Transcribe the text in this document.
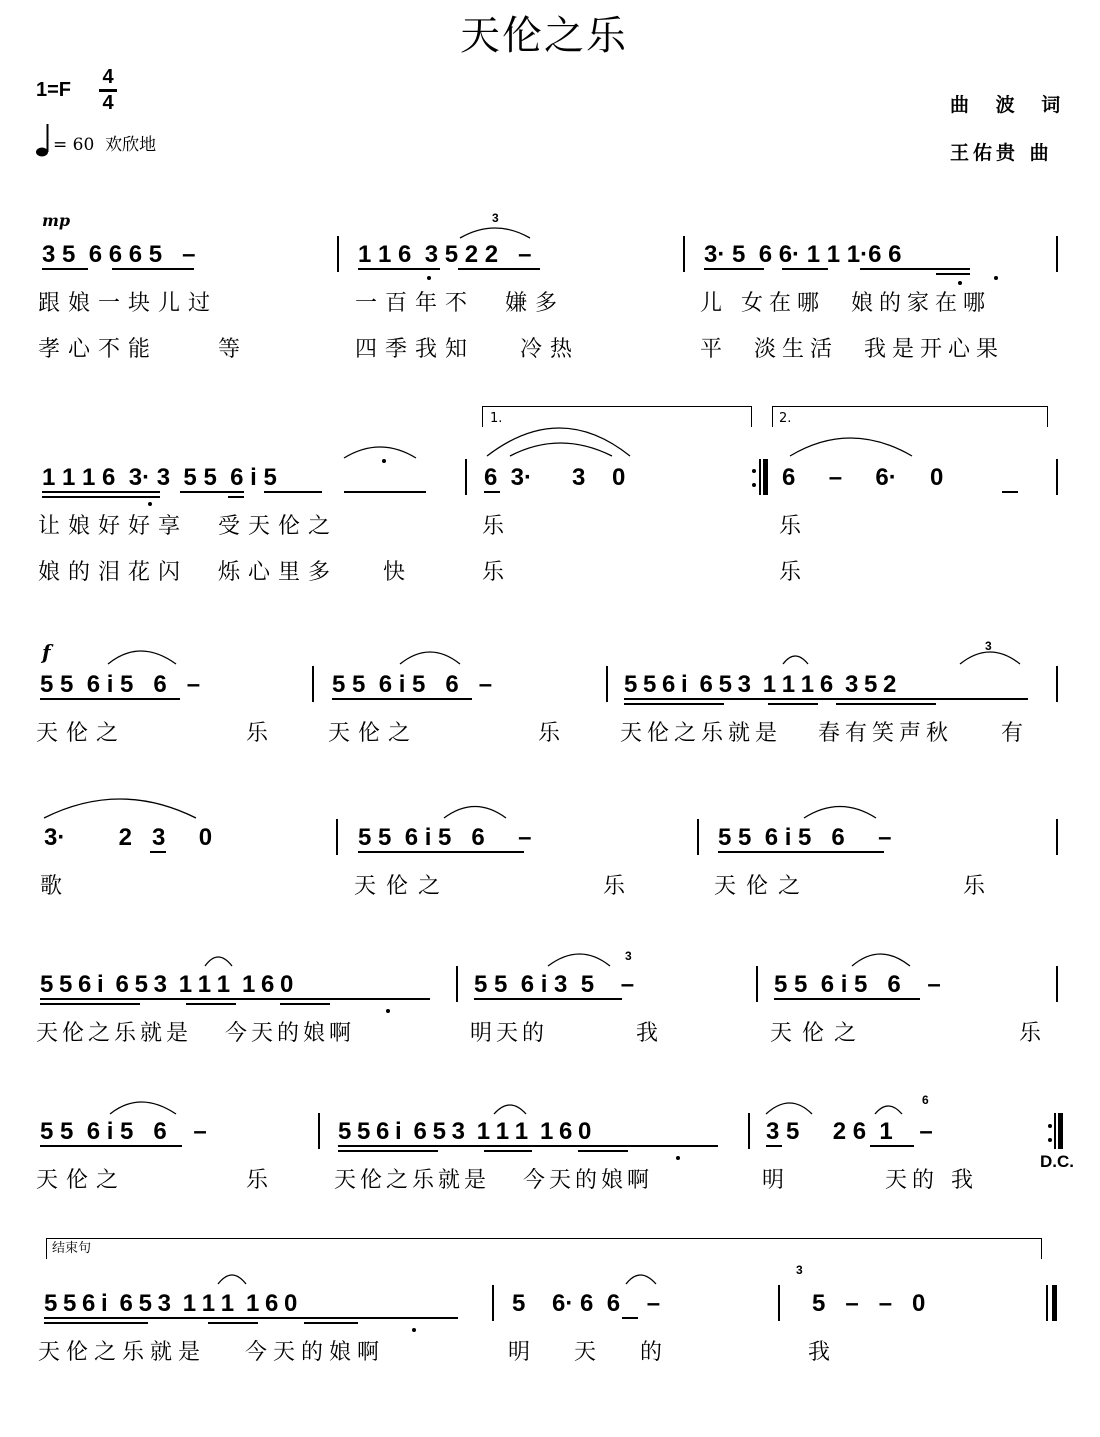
天伦之乐
1=F
4
4
= 60  欢欣地
曲 波 词
王佑贵 曲
mp
f
3 5  6 6 6 5   –
3
1 1 6  3 5 2 2   –	3· 5  6 6· 1 1 1·6 6
跟娘一块儿过	一百年不  嫌多	儿 女在哪  娘的家在哪
孝心不能    等	四季我知   冷热	平  淡生活  我是开心果
1.	2.
1 1 1 6  3· 3  5 5  6 i 5	6  3·      3    0	6     –     6·     0
让娘好好享  受天伦之	乐	乐
娘的泪花闪  烁心里多   快	乐	乐
5 5  6 i 5   6   –	5 5  6 i 5   6   –	5 5 6 i  6 5 3  1 1 1 6  3 5 2
3
天伦之        乐 天伦之        乐 天伦之乐就是   春有笑声秋    有
3·        2   3     0	5 5  6 i 5   6     –	5 5  6 i 5   6     –
歌	天伦之         乐	天伦之         乐
5 5 6 i  6 5 3  1 1 1  1 6 0	5 5  6 i 3  5    –
3
5 5  6 i 5   6    –
天伦之乐就是   今天的娘啊	明天的        我	天伦之         乐
5 5  6 i 5   6    –	5 5 6 i  6 5 3  1 1 1  1 6 0	3 5     2 6  1    –
6
D.C.
天伦之        乐	天伦之乐就是   今天的娘啊	明        天的 我
结束句
5 5 6 i  6 5 3  1 1 1  1 6 0	5    6· 6  6    –
3
5   –   –   0
天伦之乐就是   今天的娘啊	明  天  的	我
